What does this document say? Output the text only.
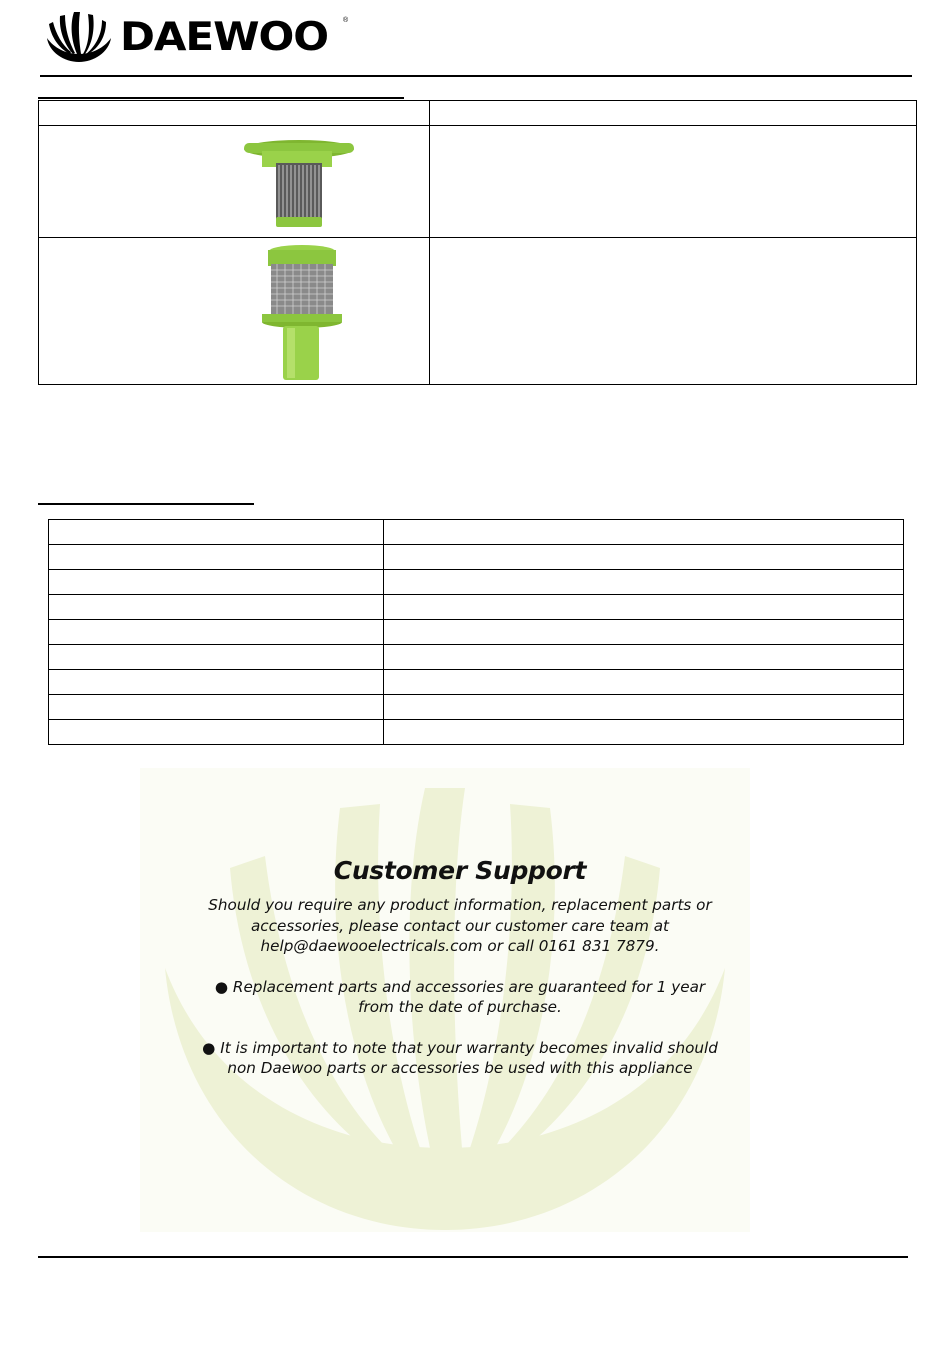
DAEWOO ®

Customer Support

Should you require any product information, replacement parts or accessories, please contact our customer care team at help@daewooelectricals.com or call 0161 831 7879.

● Replacement parts and accessories are guaranteed for 1 year from the date of purchase.

● It is important to note that your warranty becomes invalid should non Daewoo parts or accessories be used with this appliance
